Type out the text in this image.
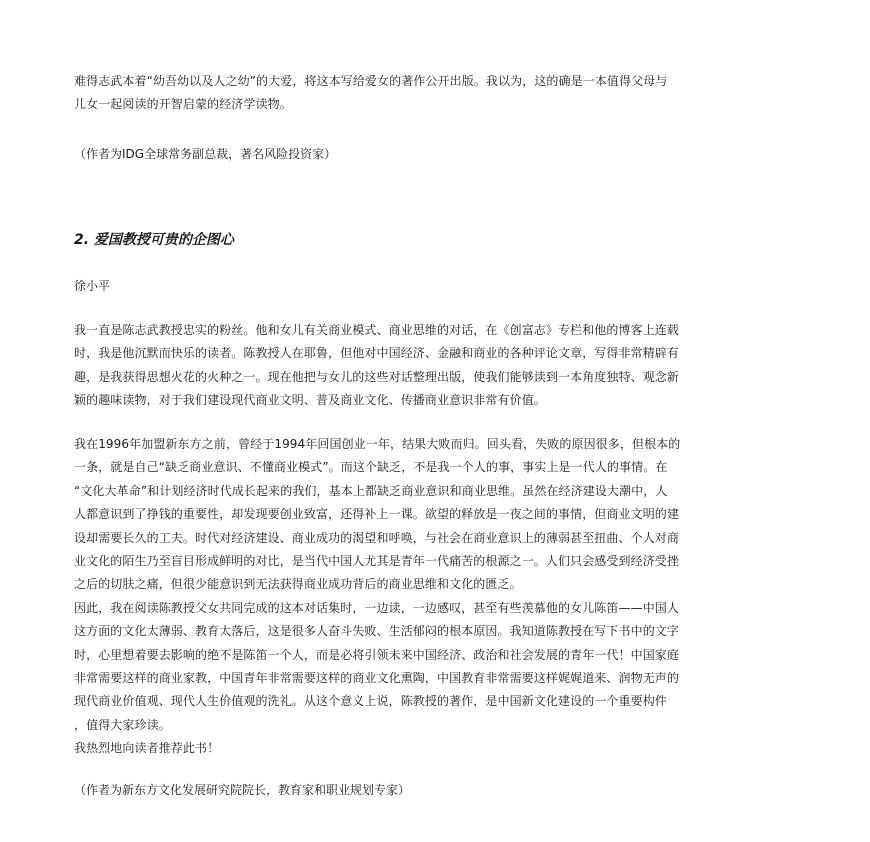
难得志武本着“幼吾幼以及人之幼”的大爱，将这本写给爱女的著作公开出版。我以为，这的确是一本值得父母与
儿女一起阅读的开智启蒙的经济学读物。
（作者为IDG全球常务副总裁，著名风险投资家）
2. 爱国教授可贵的企图心
徐小平
我一直是陈志武教授忠实的粉丝。他和女儿有关商业模式、商业思维的对话，在《创富志》专栏和他的博客上连载
时，我是他沉默而快乐的读者。陈教授人在耶鲁，但他对中国经济、金融和商业的各种评论文章，写得非常精辟有
趣，是我获得思想火花的火种之一。现在他把与女儿的这些对话整理出版，使我们能够读到一本角度独特、观念新
颖的趣味读物，对于我们建设现代商业文明、普及商业文化、传播商业意识非常有价值。
我在1996年加盟新东方之前，曾经于1994年回国创业一年，结果大败而归。回头看，失败的原因很多，但根本的
一条，就是自己“缺乏商业意识、不懂商业模式”。而这个缺乏，不是我一个人的事，事实上是一代人的事情。在
“文化大革命”和计划经济时代成长起来的我们，基本上都缺乏商业意识和商业思维。虽然在经济建设大潮中，人
人都意识到了挣钱的重要性，却发现要创业致富，还得补上一课。欲望的释放是一夜之间的事情，但商业文明的建
设却需要长久的工夫。时代对经济建设、商业成功的渴望和呼唤，与社会在商业意识上的薄弱甚至扭曲、个人对商
业文化的陌生乃至盲目形成鲜明的对比，是当代中国人尤其是青年一代痛苦的根源之一。人们只会感受到经济受挫
之后的切肤之痛，但很少能意识到无法获得商业成功背后的商业思维和文化的匮乏。
因此，我在阅读陈教授父女共同完成的这本对话集时，一边读，一边感叹，甚至有些羡慕他的女儿陈笛——中国人
这方面的文化太薄弱、教育太落后，这是很多人奋斗失败、生活郁闷的根本原因。我知道陈教授在写下书中的文字
时，心里想着要去影响的绝不是陈笛一个人，而是必将引领未来中国经济、政治和社会发展的青年一代！中国家庭
非常需要这样的商业家教，中国青年非常需要这样的商业文化熏陶，中国教育非常需要这样娓娓道来、润物无声的
现代商业价值观、现代人生价值观的洗礼。从这个意义上说，陈教授的著作，是中国新文化建设的一个重要构件
，值得大家珍读。
我热烈地向读者推荐此书！
（作者为新东方文化发展研究院院长，教育家和职业规划专家）
